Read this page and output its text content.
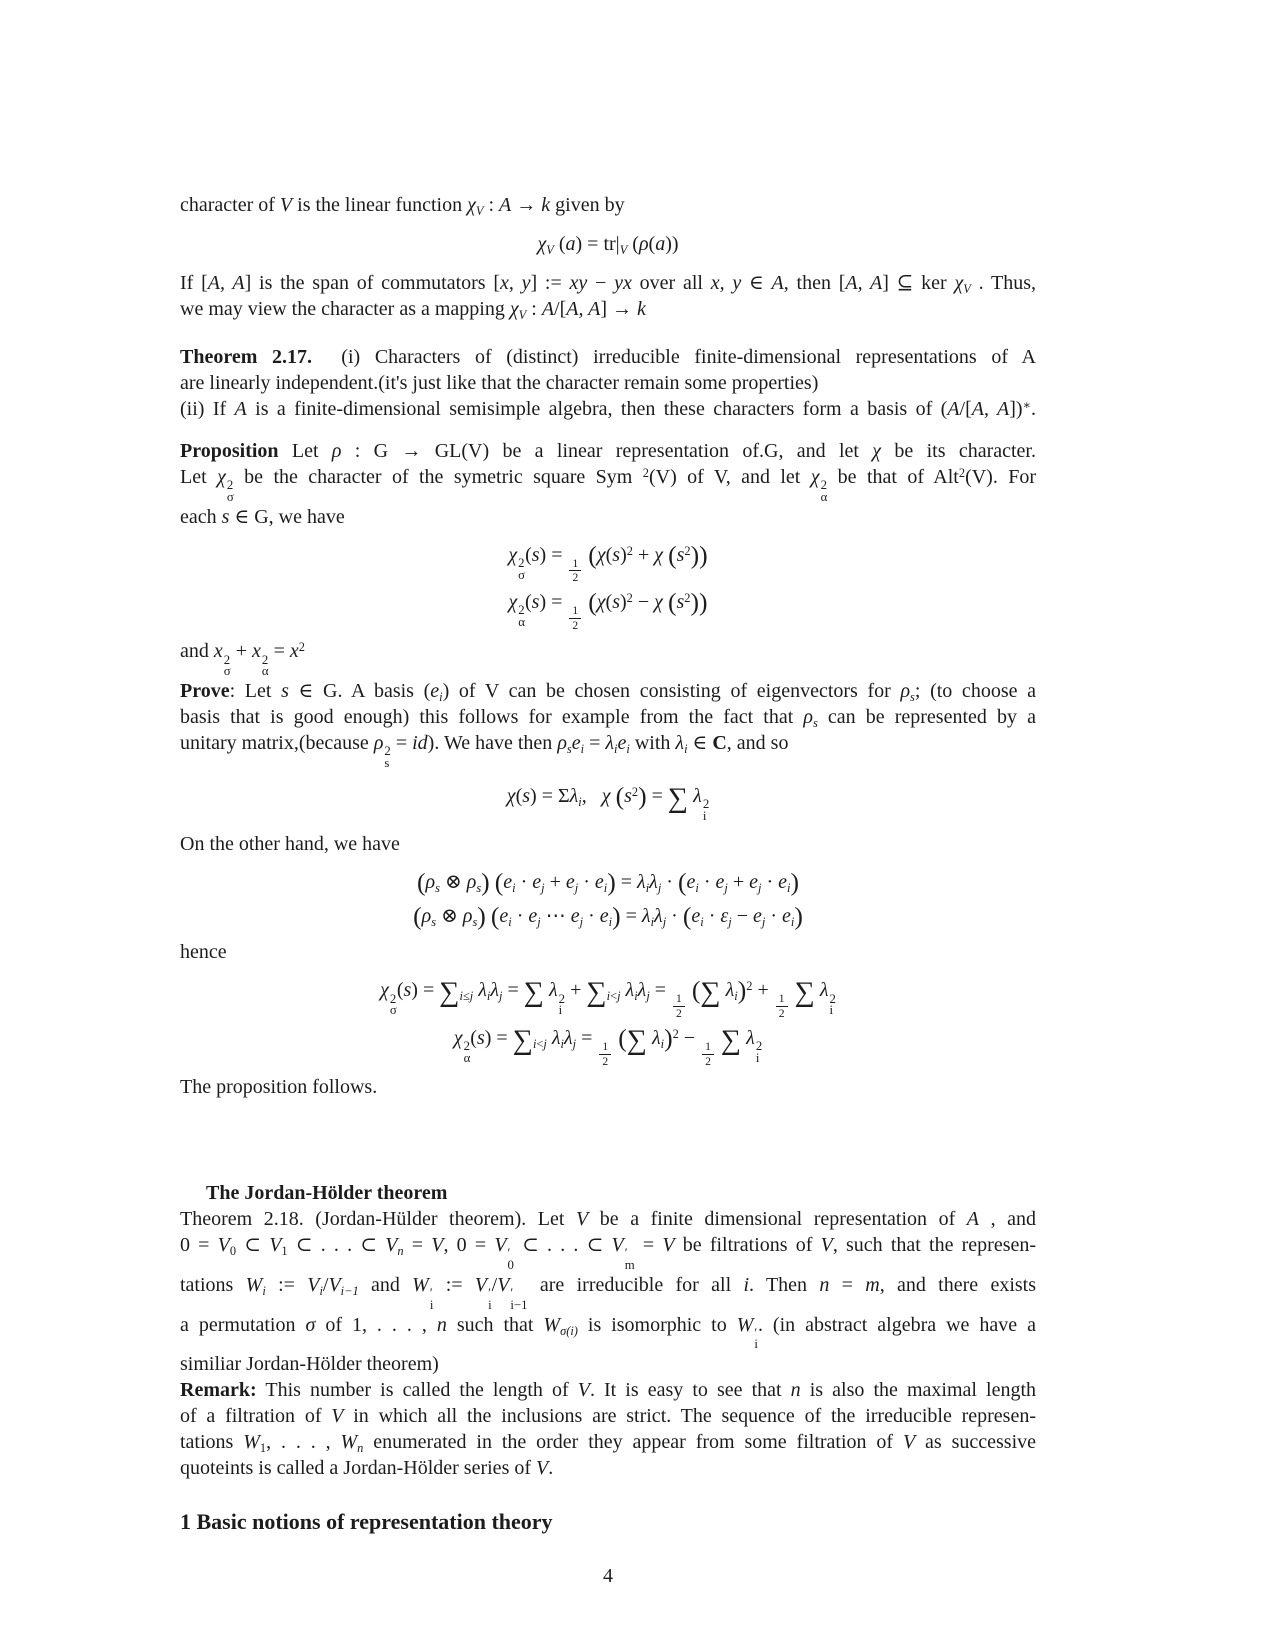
character of V is the linear function $\chi_V$ : A → k given by
$\chi_V$ $(a) = tr|_V$ (ρ(a))
If [A, A] is the span of commutators [x, y] := xy − yx over all x, y ∈ A, then [A, A] ⊆ ker $\chi_V$ . Thus,
we may view the character as a mapping $\chi_V$ : A/[A, A] → k
Theorem 2.17.  (i) Characters of (distinct) irreducible finite-dimensional representations of A
are linearly independent.(it's just like that the character remain some properties)
(ii) If A is a finite-dimensional semisimple algebra, then these characters form a basis of (A/[A, A])∗.
Proposition Let ρ : G → GL(V) be a linear representation of.G, and let χ be its character.
Let χ 2
σ
be the character of the symetric square Sym $^2$(V) of V, and let χ 2
α
be that of Alt$^2$(V). For
each s ∈ G, we have
χ 2
σ
(s) =
$\frac{1}{2}$
($\chi(s)^2 + \chi$ $(s^2)$)
χ 2
α
(s) =
$\frac{1}{2}$
($\chi(s)^2 - \chi$ $(s^2)$)
and x 2
σ
+ x 2
α
= $x^2$
Prove: Let s ∈ G. A basis $(e_i)$ of V can be chosen consisting of eigenvectors for $\rho_s$; (to choose a
basis that is good enough) this follows for example from the fact that $\rho_s$ can be represented by a
unitary matrix,(because ρ 2
s
= id). We have then $\rho_se_i = \lambda_ie_i$ with $\lambda_i$ ∈ C, and so
$\chi(s) = \Sigma\lambda_i$,   χ $(s^2)$ = ∑ λ 2
i
On the other hand, we have
($\rho_s$ ⊗ $\rho_s$) $(e_i \cdot e_j + e_j \cdot e_i) = \lambda_i\lambda_j \cdot (e_i \cdot e_j + e_j \cdot e_i)$
($\rho_s$ ⊗ $\rho_s$) ($e_i \cdot e_j$ ⋯ $e_j \cdot e_i) = \lambda_i\lambda_j \cdot (e_i \cdot \varepsilon_j - e_j \cdot e_i)$
hence
χ 2
σ
$(s) = \sum_{i\le j}$ $\lambda_i\lambda_j$ = ∑ λ 2
i
+ $\sum_{i<j}$ $\lambda_i\lambda_j$ =
$\frac{1}{2}$
(∑ $\lambda_i)^2$ +
$\frac{1}{2}$ ∑ λ 2
i
χ 2
α
$(s) = \sum_{i<j}$ $\lambda_i\lambda_j$ =
$\frac{1}{2}$
(∑ $\lambda_i)^2$ −
$\frac{1}{2}$ ∑ λ 2
i
The proposition follows.
The Jordan-Hölder theorem
Theorem 2.18. (Jordan-Hülder theorem). Let V be a finite dimensional representation of A , and
$0 = V_0$ ⊂ $V_1$ ⊂ . . . ⊂ $V_n = V$, 0 = V ′
0
⊂ . . . ⊂ V ′
m
= V be filtrations of V, such that the represen-
tations $W_i$ := $V_i/V_{i-1}$ and W ′
i
:= V ′
i
/V ′
i−1
are irreducible for all i. Then n = m, and there exists
a permutation σ of 1, . . . , n such that $W_{\sigma(i)}$ is isomorphic to W ′
i
. (in abstract algebra we have a
similiar Jordan-Hölder theorem)
Remark: This number is called the length of V. It is easy to see that n is also the maximal length
of a filtration of V in which all the inclusions are strict. The sequence of the irreducible represen-
tations $W_1$, . . . , $W_n$ enumerated in the order they appear from some filtration of V as successive
quoteints is called a Jordan-Hölder series of V.
1 Basic notions of representation theory
4
